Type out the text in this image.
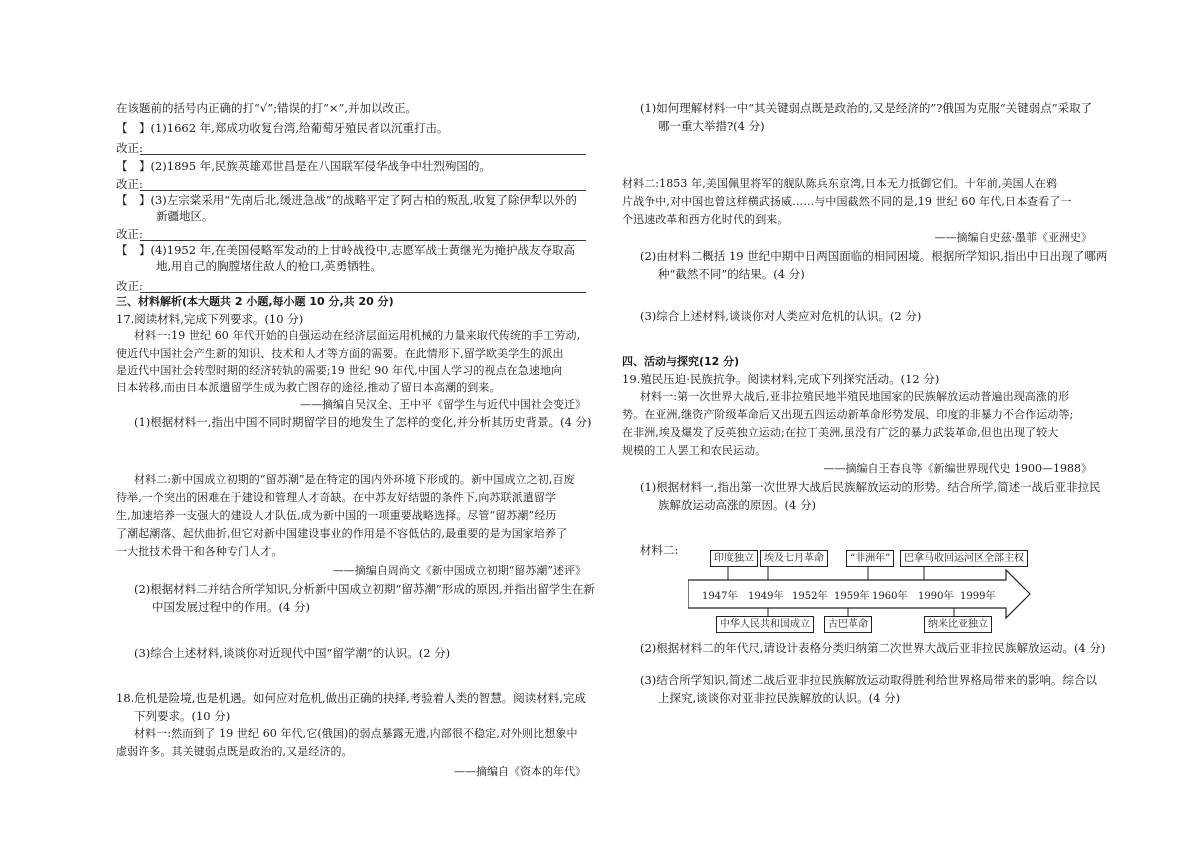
在该题前的括号内正确的打“√”;错误的打“×”,并加以改正。
【　】(1)1662 年,郑成功收复台湾,给葡萄牙殖民者以沉重打击。
改正:
【　】(2)1895 年,民族英雄邓世昌是在八国联军侵华战争中壮烈殉国的。
改正:
【　】(3)左宗棠采用“先南后北,缓进急战”的战略平定了阿古柏的叛乱,收复了除伊犁以外的
新疆地区。
改正:
【　】(4)1952 年,在美国侵略军发动的上甘岭战役中,志愿军战士黄继光为掩护战友夺取高
地,用自己的胸膛堵住敌人的枪口,英勇牺牲。
改正:
三、材料解析(本大题共 2 小题,每小题 10 分,共 20 分)
17.阅读材料,完成下列要求。(10 分)
材料一:19 世纪 60 年代开始的自强运动在经济层面运用机械的力量来取代传统的手工劳动,
使近代中国社会产生新的知识、技术和人才等方面的需要。在此情形下,留学欧美学生的派出
是近代中国社会转型时期的经济转轨的需要;19 世纪 90 年代,中国人学习的视点在急速地向
日本转移,而由日本派遣留学生成为救亡图存的途径,推动了留日本高潮的到来。
——摘编自吴汉全、王中平《留学生与近代中国社会变迁》
(1)根据材料一,指出中国不同时期留学目的地发生了怎样的变化,并分析其历史背景。(4 分)
材料二:新中国成立初期的“留苏潮”是在特定的国内外环境下形成的。新中国成立之初,百废
待举,一个突出的困难在于建设和管理人才奇缺。在中苏友好结盟的条件下,向苏联派遣留学
生,加速培养一支强大的建设人才队伍,成为新中国的一项重要战略选择。尽管“留苏潮”经历
了潮起潮落、起伏曲折,但它对新中国建设事业的作用是不容低估的,最重要的是为国家培养了
一大批技术骨干和各种专门人才。
——摘编自周尚文《新中国成立初期“留苏潮”述评》
(2)根据材料二并结合所学知识,分析新中国成立初期“留苏潮”形成的原因,并指出留学生在新
中国发展过程中的作用。(4 分)
(3)综合上述材料,谈谈你对近现代中国“留学潮”的认识。(2 分)
18.危机是险境,也是机遇。如何应对危机,做出正确的抉择,考验着人类的智慧。阅读材料,完成
下列要求。(10 分)
材料一:然而到了 19 世纪 60 年代,它(俄国)的弱点暴露无遗,内部很不稳定,对外则比想象中
虚弱许多。其关键弱点既是政治的,又是经济的。
——摘编自《资本的年代》
(1)如何理解材料一中“其关键弱点既是政治的,又是经济的”?俄国为克服“关键弱点”采取了
哪一重大举措?(4 分)
材料二:1853 年,美国佩里将军的舰队陈兵东京湾,日本无力抵御它们。十年前,美国人在鸦
片战争中,对中国也曾这样横武扬威……与中国截然不同的是,19 世纪 60 年代,日本查看了一
个迅速改革和西方化时代的到来。
——摘编自史兹·墨菲《亚洲史》
(2)由材料二概括 19 世纪中期中日两国面临的相同困境。根据所学知识,指出中日出现了哪两
种“截然不同”的结果。(4 分)
(3)综合上述材料,谈谈你对人类应对危机的认识。(2 分)
四、活动与探究(12 分)
19.殖民压迫·民族抗争。阅读材料,完成下列探究活动。(12 分)
材料一:第一次世界大战后,亚非拉殖民地半殖民地国家的民族解放运动普遍出现高涨的形
势。在亚洲,继资产阶级革命后又出现五四运动新革命形势发展、印度的非暴力不合作运动等;
在非洲,埃及爆发了反英独立运动;在拉丁美洲,虽没有广泛的暴力武装革命,但也出现了较大
规模的工人罢工和农民运动。
——摘编自王春良等《新编世界现代史 1900—1988》
(1)根据材料一,指出第一次世界大战后民族解放运动的形势。结合所学,简述一战后亚非拉民
族解放运动高涨的原因。(4 分)
材料二:
印度独立	埃及七月革命	“非洲年”	巴拿马收回运河区全部主权
1947年 1949年 1952年 1959年 1960年 1990年 1999年
中华人民共和国成立	古巴革命	纳米比亚独立
(2)根据材料二的年代尺,请设计表格分类归纳第二次世界大战后亚非拉民族解放运动。(4 分)
(3)结合所学知识,简述二战后亚非拉民族解放运动取得胜利给世界格局带来的影响。综合以
上探究,谈谈你对亚非拉民族解放的认识。(4 分)
